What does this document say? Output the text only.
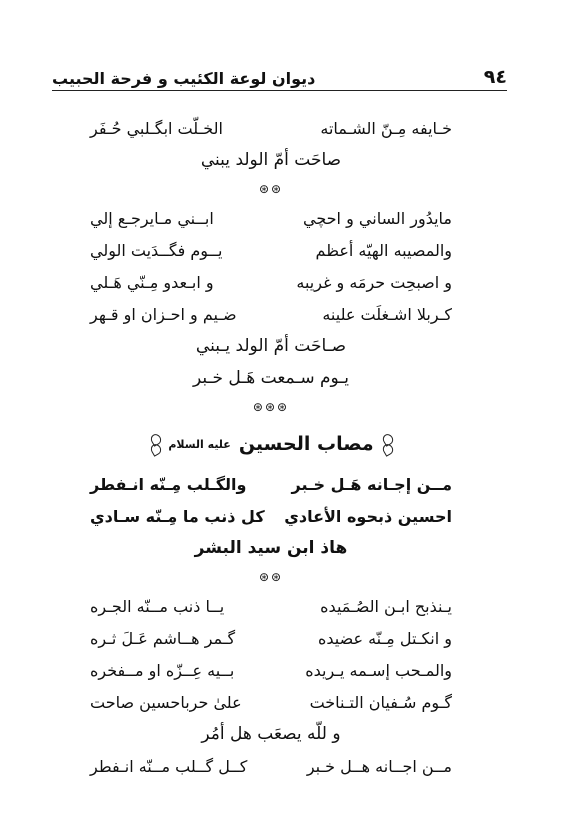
٩٤
ديوان لوعة الكئيب و فرحة الحبيب
خـايفه مِـنّ الشـماته
الخـلّت ابگـلبي حُـفَر
صاحَت أمّ الولد يبني
⊛⊛
مايدُور الساني و احچي
ابــني مـايرجـع إلي
والمصيبه الهيّه أعظم
يــوم فگــدَيت الولي
و اصبحِت حرمَه و غريبه
و ابـعدو مِـنّي هَـلي
كـربلا اشـغلَت علينه
ضـيم و احـزان او قـهر
صـاحَت أمّ الولد يـبني
يـوم سـمعت هَـل خـبر
⊛⊛⊛
مصاب الحسين
عليه السلام
مــن إجـانه هَـل خـبر
والگـلب مِـنّه انـفطر
احسين ذبحوه الأعادي
كل ذنب ما مِـنّه سـادي
هاذ ابن سيد البشر
⊛⊛
يـنذبح ابـن الصُـمَيده
يــا ذنب مــنّه الجـره
و انكـتل مِـنّه عضيده
گـمر هــاشم عَـلَ ثـره
والمـحب إسـمه يـريده
بــيه عِــزّه او مــفخره
گـوم سُـفيان التـناخت
علىٰ حرباحسين صاحت
و للّه يصعَب هل أمُر
مــن اجــانه هــل خـبر
كــل گــلب مــنّه انـفطر
